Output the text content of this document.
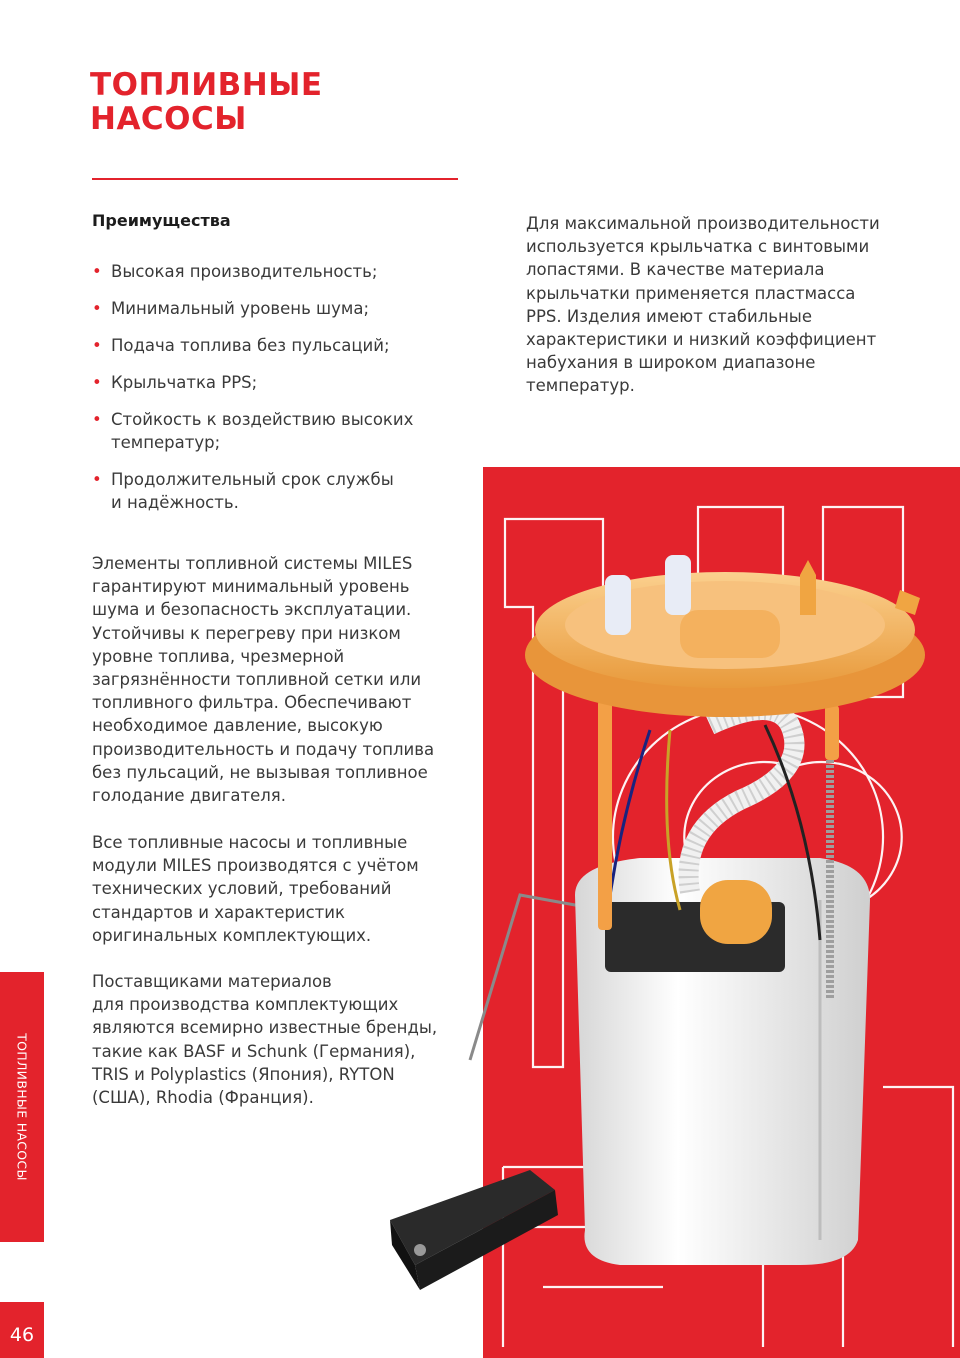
ТОПЛИВНЫЕ
НАСОСЫ
Преимущества
• Высокая производительность;
• Минимальный уровень шума;
• Подача топлива без пульсаций;
• Крыльчатка PPS;
• Стойкость к воздействию высоких
температур;
• Продолжительный срок службы
и надёжность.
Для максимальной производительности
используется крыльчатка с винтовыми
лопастями. В качестве материала
крыльчатки применяется пластмасса
PPS. Изделия имеют стабильные
характеристики и низкий коэффициент
набухания в широком диапазоне
температур.
Элементы топливной системы MILES
гарантируют минимальный уровень
шума и безопасность эксплуатации.
Устойчивы к перегреву при низком
уровне топлива, чрезмерной
загрязнённости топливной сетки или
топливного фильтра. Обеспечивают
необходимое давление, высокую
производительность и подачу топлива
без пульсаций, не вызывая топливное
голодание двигателя.
Все топливные насосы и топливные
модули MILES производятся с учётом
технических условий, требований
стандартов и характеристик
оригинальных комплектующих.
Поставщиками материалов
для производства комплектующих
являются всемирно известные бренды,
такие как BASF и Schunk (Германия),
TRIS и Polyplastics (Япония), RYTON
(США), Rhodia (Франция).
ТОПЛИВНЫЕ НАСОСЫ
46
